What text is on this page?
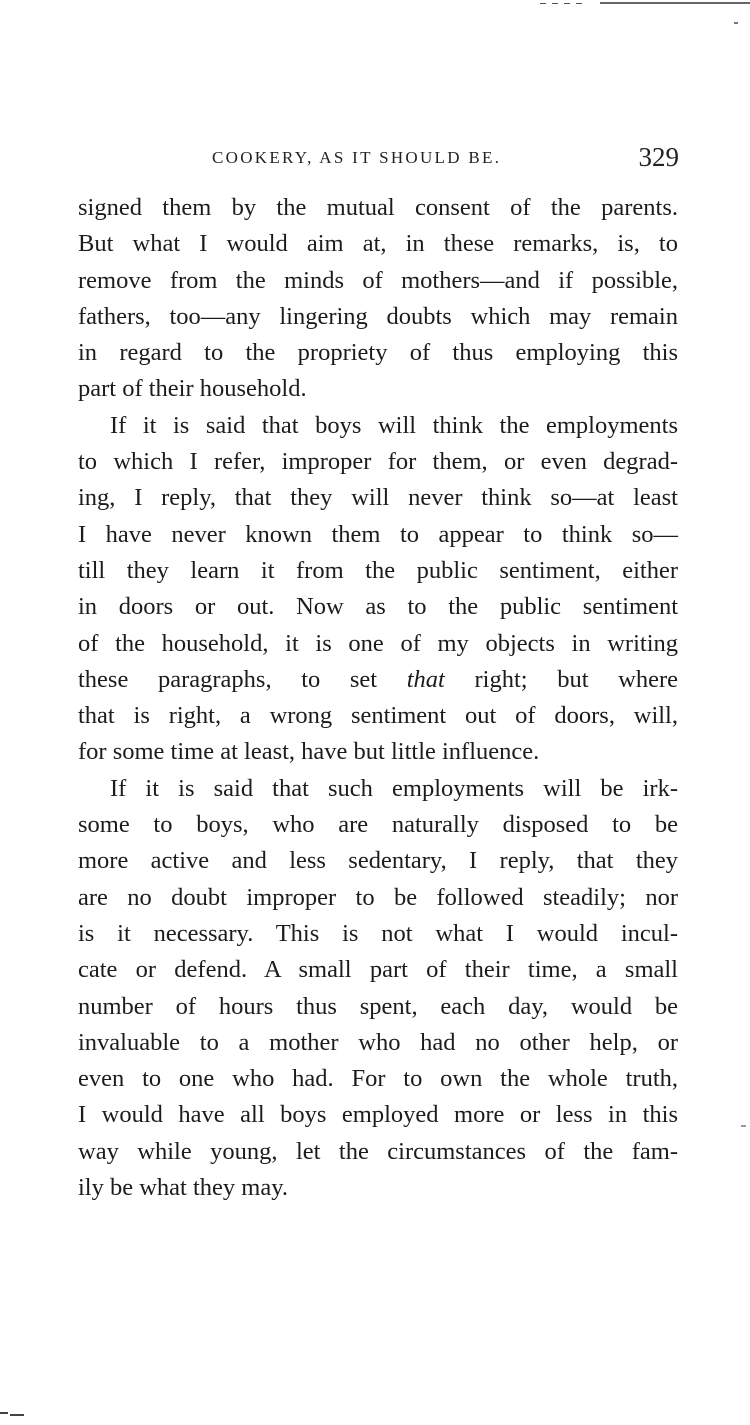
COOKERY, AS IT SHOULD BE.	329
signed them by the mutual consent of the parents.
But what I would aim at, in these remarks, is, to
remove from the minds of mothers—and if possible,
fathers, too—any lingering doubts which may remain
in regard to the propriety of thus employing this
part of their household.
If it is said that boys will think the employments
to which I refer, improper for them, or even degrad-
ing, I reply, that they will never think so—at least
I have never known them to appear to think so—
till they learn it from the public sentiment, either
in doors or out. Now as to the public sentiment
of the household, it is one of my objects in writing
these paragraphs, to set that right; but where
that is right, a wrong sentiment out of doors, will,
for some time at least, have but little influence.
If it is said that such employments will be irk-
some to boys, who are naturally disposed to be
more active and less sedentary, I reply, that they
are no doubt improper to be followed steadily; nor
is it necessary. This is not what I would incul-
cate or defend. A small part of their time, a small
number of hours thus spent, each day, would be
invaluable to a mother who had no other help, or
even to one who had. For to own the whole truth,
I would have all boys employed more or less in this
way while young, let the circumstances of the fam-
ily be what they may.
